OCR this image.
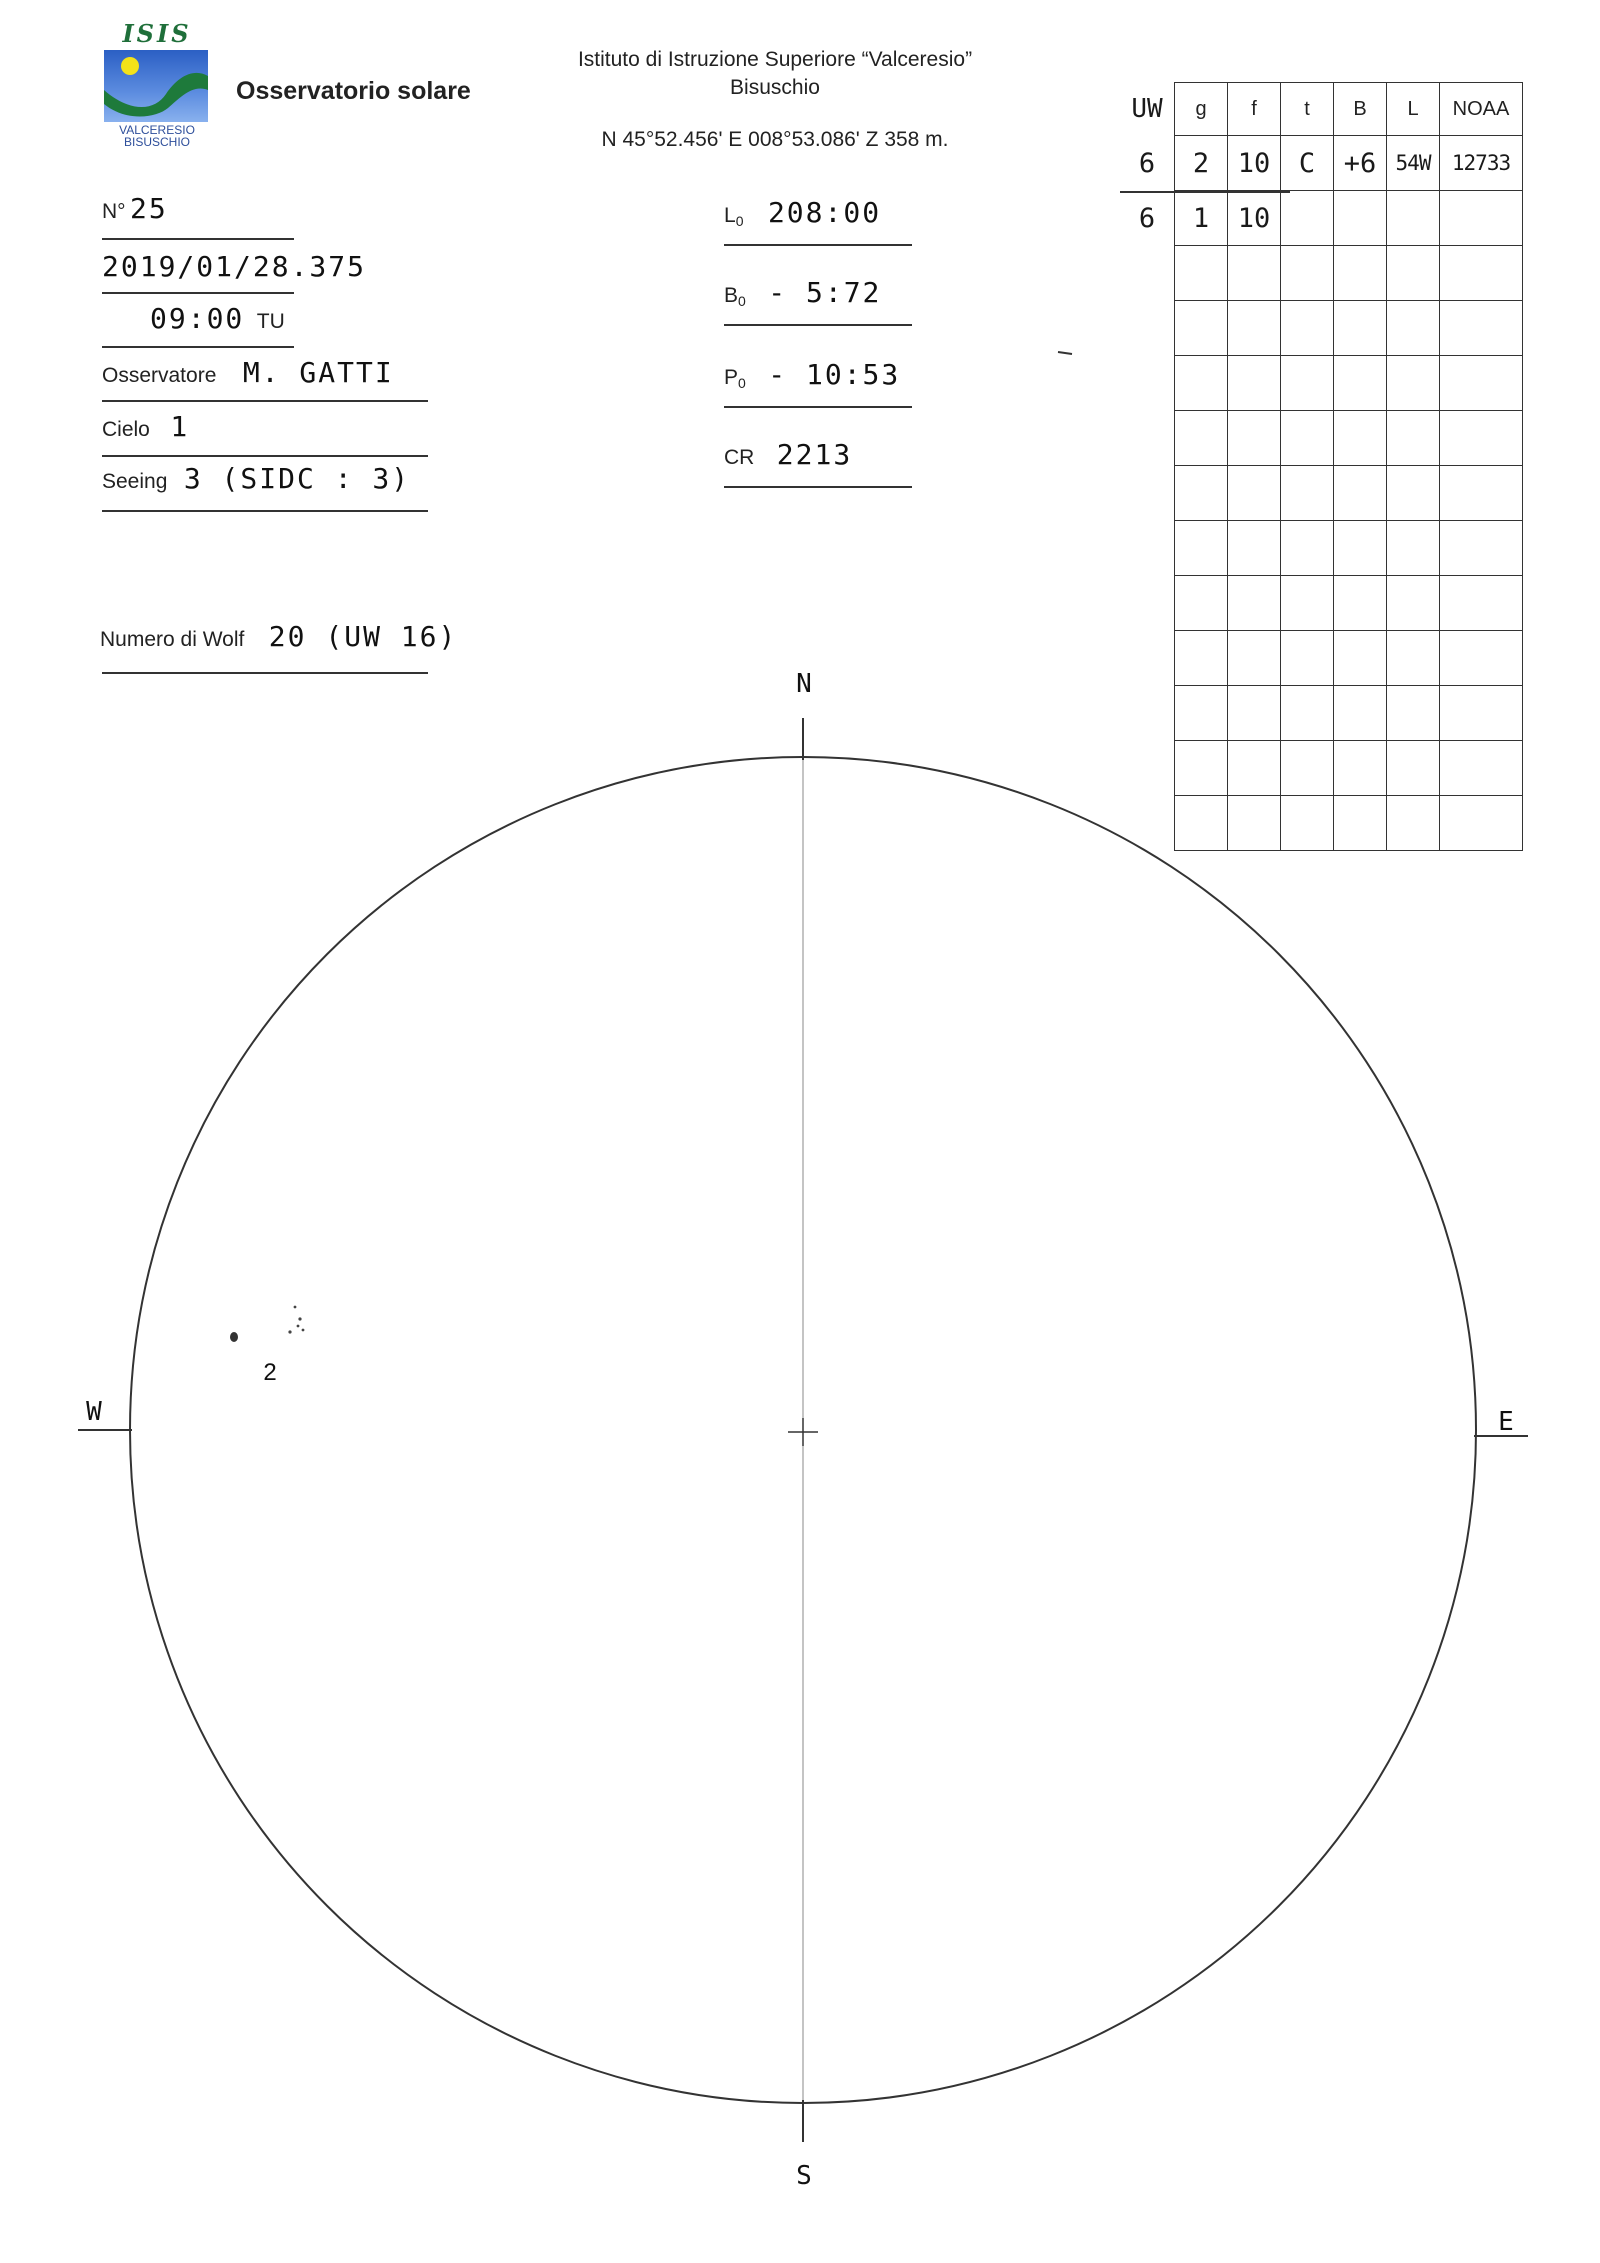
ISIS
VALCERESIO
BISUSCHIO
Osservatorio solare
Istituto di Istruzione Superiore “Valceresio”
Bisuschio
N 45°52.456' E 008°53.086' Z 358 m.
N° 25
2019/01/28.375
09:00 TU
Osservatore M. GATTI
Cielo 1
Seeing 3 (SIDC : 3)
Numero di Wolf 20 (UW 16)
$L_0$ 208:00
$B_0$ - 5:72
$P_0$ - 10:53
CR 2213
UW	g	f	t	B	L	NOAA
6	2	10	C	+6	54W	12733
6	1	10				

N
S
W	E
2
